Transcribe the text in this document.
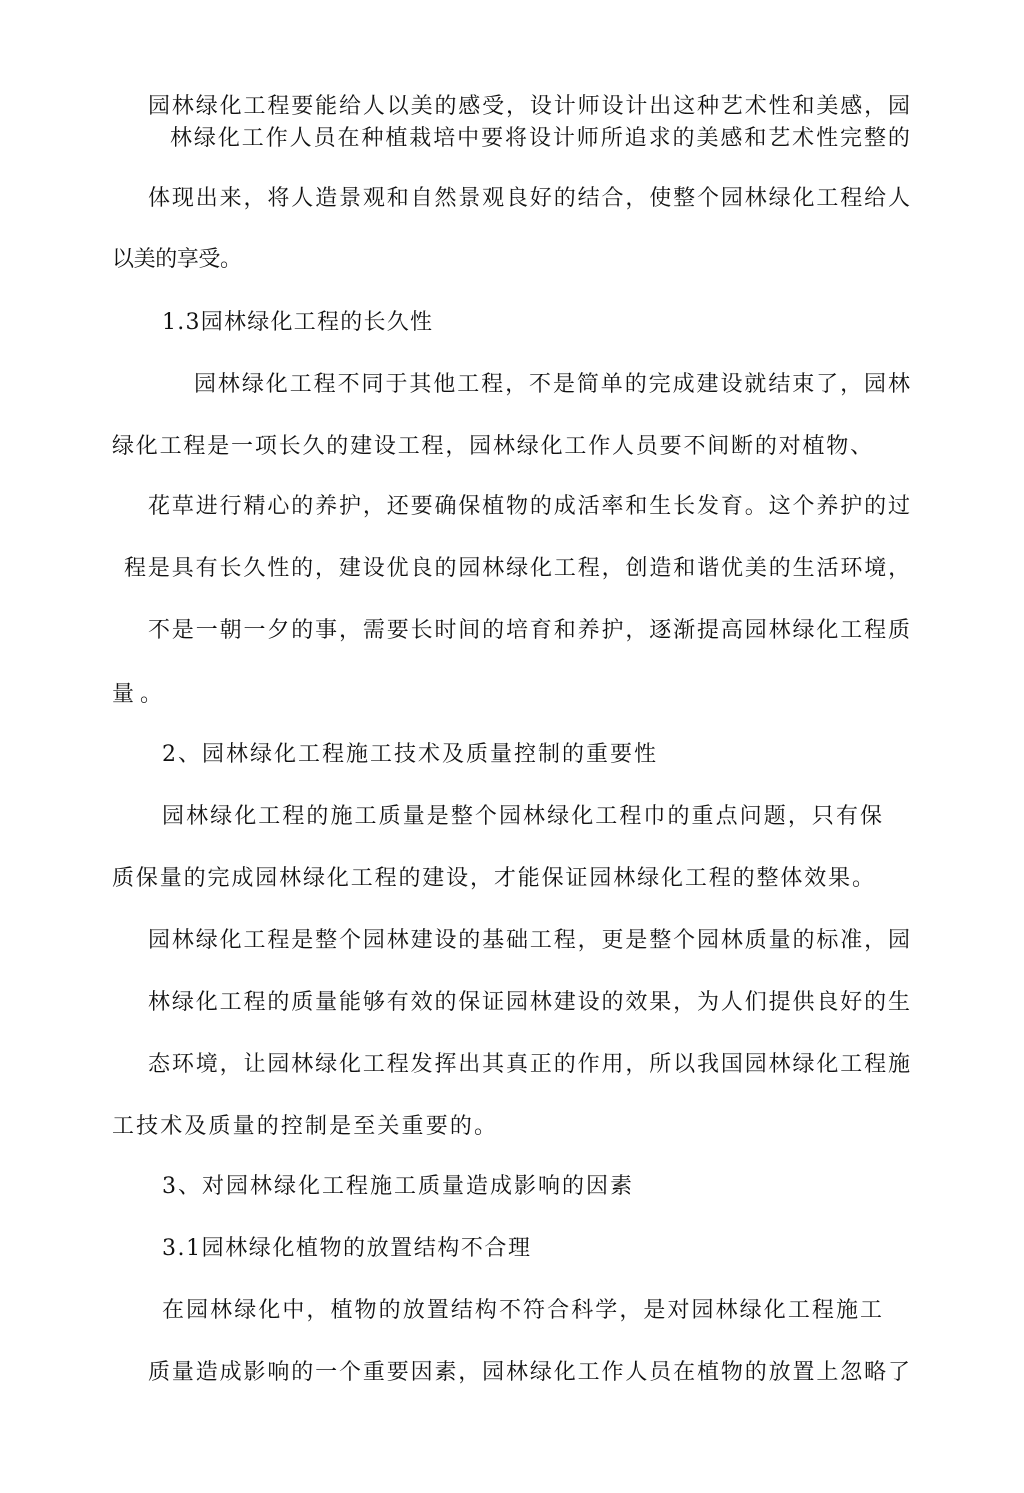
园林绿化工程要能给人以美的感受，设计师设计出这种艺术性和美感，园
林绿化工作人员在种植栽培中要将设计师所追求的美感和艺术性完整的
体现出来，将人造景观和自然景观良好的结合，使整个园林绿化工程给人
以美的享受。
1.3园林绿化工程的长久性
园林绿化工程不同于其他工程，不是简单的完成建设就结束了，园林
绿化工程是一项长久的建设工程，园林绿化工作人员要不间断的对植物、
花草进行精心的养护，还要确保植物的成活率和生长发育。这个养护的过
程是具有长久性的，建设优良的园林绿化工程，创造和谐优美的生活环境，
不是一朝一夕的事，需要长时间的培育和养护，逐渐提高园林绿化工程质
量。
2、园林绿化工程施工技术及质量控制的重要性
园林绿化工程的施工质量是整个园林绿化工程巾的重点问题，只有保
质保量的完成园林绿化工程的建设，才能保证园林绿化工程的整体效果。
园林绿化工程是整个园林建设的基础工程，更是整个园林质量的标准，园
林绿化工程的质量能够有效的保证园林建设的效果，为人们提供良好的生
态环境，让园林绿化工程发挥出其真正的作用，所以我国园林绿化工程施
工技术及质量的控制是至关重要的。
3、对园林绿化工程施工质量造成影响的因素
3.1园林绿化植物的放置结构不合理
在园林绿化中，植物的放置结构不符合科学，是对园林绿化工程施工
质量造成影响的一个重要因素，园林绿化工作人员在植物的放置上忽略了
